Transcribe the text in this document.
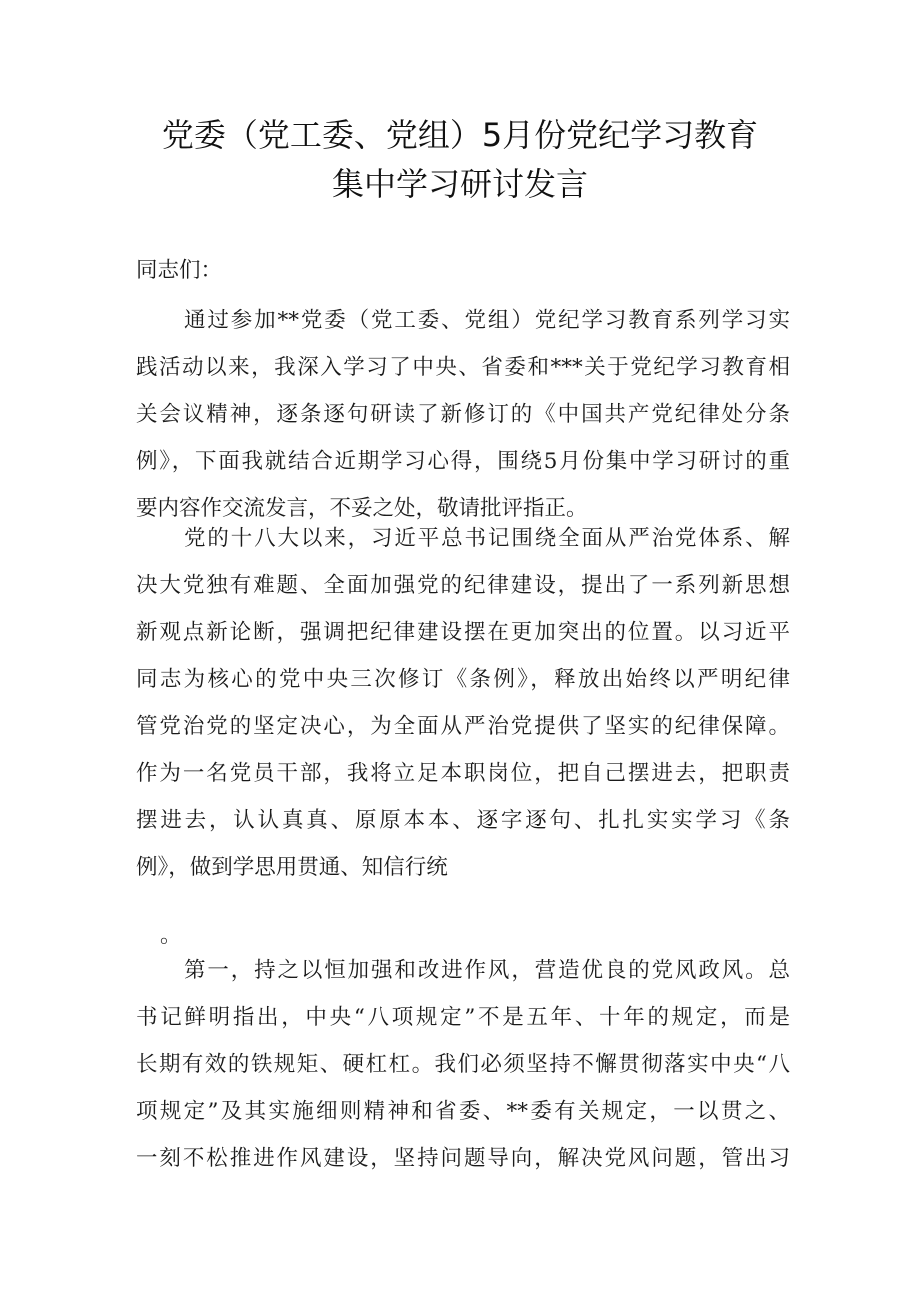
党委（党工委、党组）5月份党纪学习教育
集中学习研讨发言
同志们：
通过参加**党委（党工委、党组）党纪学习教育系列学习实
践活动以来，我深入学习了中央、省委和***关于党纪学习教育相
关会议精神，逐条逐句研读了新修订的《中国共产党纪律处分条
例》，下面我就结合近期学习心得，围绕5月份集中学习研讨的重
要内容作交流发言，不妥之处，敬请批评指正。
党的十八大以来，习近平总书记围绕全面从严治党体系、解
决大党独有难题、全面加强党的纪律建设，提出了一系列新思想
新观点新论断，强调把纪律建设摆在更加突出的位置。以习近平
同志为核心的党中央三次修订《条例》，释放出始终以严明纪律
管党治党的坚定决心，为全面从严治党提供了坚实的纪律保障。
作为一名党员干部，我将立足本职岗位，把自己摆进去，把职责
摆进去，认认真真、原原本本、逐字逐句、扎扎实实学习《条
例》，做到学思用贯通、知信行统
。
第一，持之以恒加强和改进作风，营造优良的党风政风。总
书记鲜明指出，中央“八项规定”不是五年、十年的规定，而是
长期有效的铁规矩、硬杠杠。我们必须坚持不懈贯彻落实中央“八
项规定”及其实施细则精神和省委、**委有关规定，一以贯之、
一刻不松推进作风建设，坚持问题导向，解决党风问题，管出习
